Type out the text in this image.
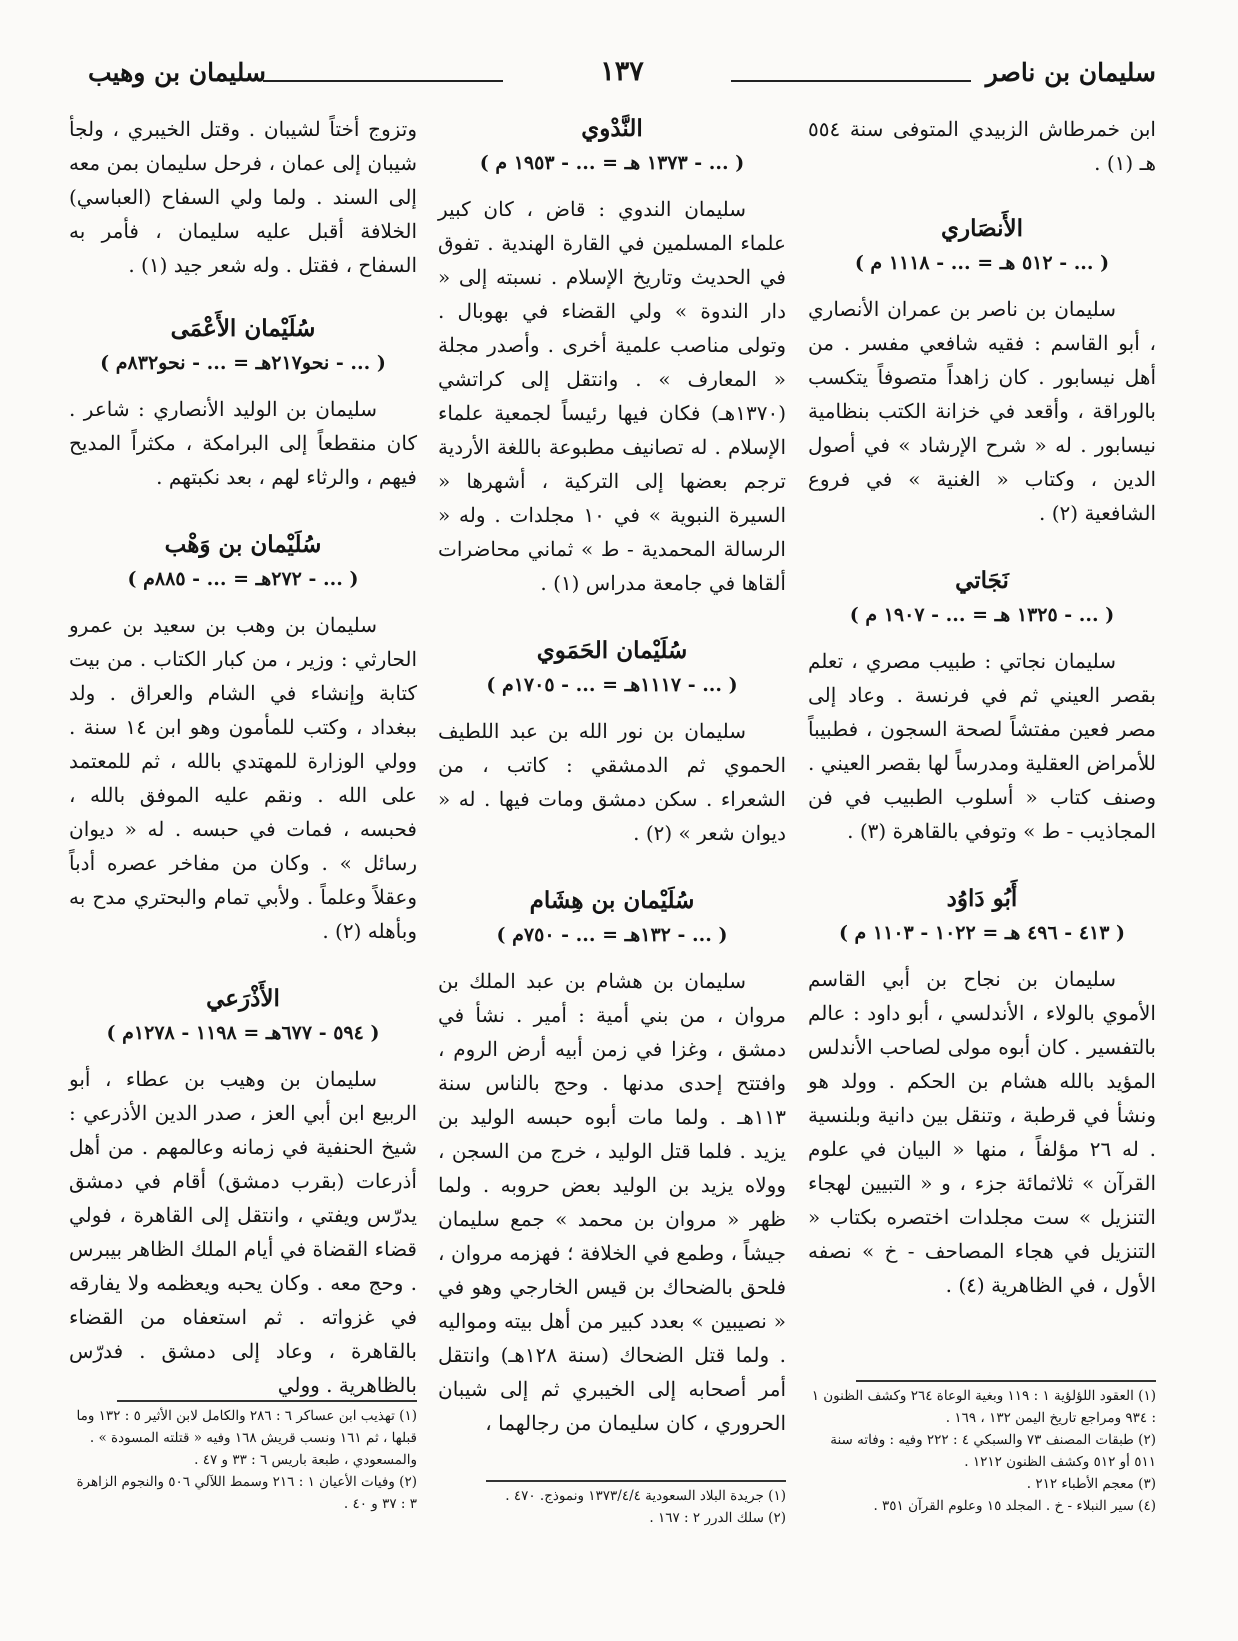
سليمان بن ناصر
١٣٧
سليمان بن وهيب

ابن خمرطاش الزبيدي المتوفى سنة ٥٥٤ هـ (١) .

الأَنصَاري
( ... - ٥١٢ هـ = ... - ١١١٨ م )

سليمان بن ناصر بن عمران الأنصاري ، أبو القاسم : فقيه شافعي مفسر . من أهل نيسابور . كان زاهداً متصوفاً يتكسب بالوراقة ، وأقعد في خزانة الكتب بنظامية نيسابور . له « شرح الإرشاد » في أصول الدين ، وكتاب « الغنية » في فروع الشافعية (٢) .

نَجَاتي
( ... - ١٣٢٥ هـ = ... - ١٩٠٧ م )

سليمان نجاتي : طبيب مصري ، تعلم بقصر العيني ثم في فرنسة . وعاد إلى مصر فعين مفتشاً لصحة السجون ، فطبيباً للأمراض العقلية ومدرساً لها بقصر العيني . وصنف كتاب « أسلوب الطبيب في فن المجاذيب - ط » وتوفي بالقاهرة (٣) .

أَبُو دَاوُد
( ٤١٣ - ٤٩٦ هـ = ١٠٢٢ - ١١٠٣ م )

سليمان بن نجاح بن أبي القاسم الأموي بالولاء ، الأندلسي ، أبو داود : عالم بالتفسير . كان أبوه مولى لصاحب الأندلس المؤيد بالله هشام بن الحكم . وولد هو ونشأ في قرطبة ، وتنقل بين دانية وبلنسية . له ٢٦ مؤلفاً ، منها « البيان في علوم القرآن » ثلاثمائة جزء ، و « التبيين لهجاء التنزيل » ست مجلدات اختصره بكتاب « التنزيل في هجاء المصاحف - خ » نصفه الأول ، في الظاهرية (٤) .

النَّدْوي
( ... - ١٣٧٣ هـ = ... - ١٩٥٣ م )

سليمان الندوي : قاض ، كان كبير علماء المسلمين في القارة الهندية . تفوق في الحديث وتاريخ الإسلام . نسبته إلى « دار الندوة » ولي القضاء في بهوبال . وتولى مناصب علمية أخرى . وأصدر مجلة « المعارف » . وانتقل إلى كراتشي (١٣٧٠هـ) فكان فيها رئيساً لجمعية علماء الإسلام . له تصانيف مطبوعة باللغة الأردية ترجم بعضها إلى التركية ، أشهرها « السيرة النبوية » في ١٠ مجلدات . وله « الرسالة المحمدية - ط » ثماني محاضرات ألقاها في جامعة مدراس (١) .

سُلَيْمان الحَمَوي
( ... - ١١١٧هـ = ... - ١٧٠٥م )

سليمان بن نور الله بن عبد اللطيف الحموي ثم الدمشقي : كاتب ، من الشعراء . سكن دمشق ومات فيها . له « ديوان شعر » (٢) .

سُلَيْمان بن هِشَام
( ... - ١٣٢هـ = ... - ٧٥٠م )

سليمان بن هشام بن عبد الملك بن مروان ، من بني أمية : أمير . نشأ في دمشق ، وغزا في زمن أبيه أرض الروم ، وافتتح إحدى مدنها . وحج بالناس سنة ١١٣هـ . ولما مات أبوه حبسه الوليد بن يزيد . فلما قتل الوليد ، خرج من السجن ، وولاه يزيد بن الوليد بعض حروبه . ولما ظهر « مروان بن محمد » جمع سليمان جيشاً ، وطمع في الخلافة ؛ فهزمه مروان ، فلحق بالضحاك بن قيس الخارجي وهو في « نصيبين » بعدد كبير من أهل بيته ومواليه . ولما قتل الضحاك (سنة ١٢٨هـ) وانتقل أمر أصحابه إلى الخيبري ثم إلى شيبان الحروري ، كان سليمان من رجالهما ،

وتزوج أختاً لشيبان . وقتل الخيبري ، ولجأ شيبان إلى عمان ، فرحل سليمان بمن معه إلى السند . ولما ولي السفاح (العباسي) الخلافة أقبل عليه سليمان ، فأمر به السفاح ، فقتل . وله شعر جيد (١) .

سُلَيْمان الأَعْمَى
( ... - نحو٢١٧هـ = ... - نحو٨٣٢م )

سليمان بن الوليد الأنصاري : شاعر . كان منقطعاً إلى البرامكة ، مكثراً المديح فيهم ، والرثاء لهم ، بعد نكبتهم .

سُلَيْمان بن وَهْب
( ... - ٢٧٢هـ = ... - ٨٨٥م )

سليمان بن وهب بن سعيد بن عمرو الحارثي : وزير ، من كبار الكتاب . من بيت كتابة وإنشاء في الشام والعراق . ولد ببغداد ، وكتب للمأمون وهو ابن ١٤ سنة . وولي الوزارة للمهتدي بالله ، ثم للمعتمد على الله . ونقم عليه الموفق بالله ، فحبسه ، فمات في حبسه . له « ديوان رسائل » . وكان من مفاخر عصره أدباً وعقلاً وعلماً . ولأبي تمام والبحتري مدح به وبأهله (٢) .

الأَذْرَعي
( ٥٩٤ - ٦٧٧هـ = ١١٩٨ - ١٢٧٨م )

سليمان بن وهيب بن عطاء ، أبو الربيع ابن أبي العز ، صدر الدين الأذرعي : شيخ الحنفية في زمانه وعالمهم . من أهل أذرعات (بقرب دمشق) أقام في دمشق يدرّس ويفتي ، وانتقل إلى القاهرة ، فولي قضاء القضاة في أيام الملك الظاهر بيبرس . وحج معه . وكان يحبه ويعظمه ولا يفارقه في غزواته . ثم استعفاه من القضاء بالقاهرة ، وعاد إلى دمشق . فدرّس بالظاهرية . وولي	(١) العقود اللؤلؤية ١ : ١١٩ وبغية الوعاة ٢٦٤ وكشف الظنون ١ : ٩٣٤ ومراجع تاريخ اليمن ١٣٢ ، ١٦٩ .

(٢) طبقات المصنف ٧٣ والسبكي ٤ : ٢٢٢ وفيه : وفاته سنة ٥١١ أو ٥١٢ وكشف الظنون ١٢١٢ .

(٣) معجم الأطباء ٢١٢ .

(٤) سير النبلاء - خ . المجلد ١٥ وعلوم القرآن ٣٥١ .

(١) جريدة البلاد السعودية ١٣٧٣/٤/٤ ونموذج. ٤٧٠ .

(٢) سلك الدرر ٢ : ١٦٧ .

(١) تهذيب ابن عساكر ٦ : ٢٨٦ والكامل لابن الأثير ٥ : ١٣٢ وما قبلها ، ثم ١٦١ ونسب قريش ١٦٨ وفيه « قتلته المسودة » . والمسعودي ، طبعة باريس ٦ : ٣٣ و ٤٧ .

(٢) وفيات الأعيان ١ : ٢١٦ وسمط اللآلي ٥٠٦ والنجوم الزاهرة ٣ : ٣٧ و ٤٠ .
